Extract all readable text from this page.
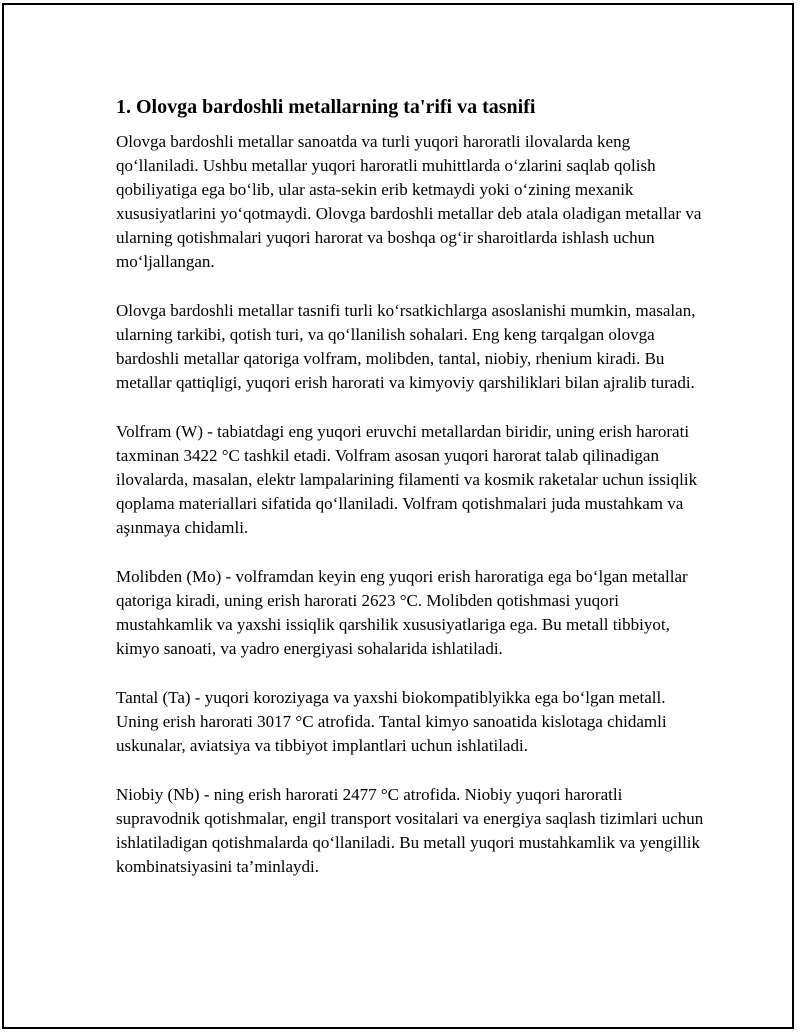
1. Olovga bardoshli metallarning ta'rifi va tasnifi

Olovga bardoshli metallar sanoatda va turli yuqori haroratli ilovalarda keng qo‘llaniladi. Ushbu metallar yuqori haroratli muhittlarda o‘zlarini saqlab qolish qobiliyatiga ega bo‘lib, ular asta-sekin erib ketmaydi yoki o‘zining mexanik xususiyatlarini yo‘qotmaydi. Olovga bardoshli metallar deb atala oladigan metallar va ularning qotishmalari yuqori harorat va boshqa og‘ir sharoitlarda ishlash uchun mo‘ljallangan.

Olovga bardoshli metallar tasnifi turli ko‘rsatkichlarga asoslanishi mumkin, masalan, ularning tarkibi, qotish turi, va qo‘llanilish sohalari. Eng keng tarqalgan olovga bardoshli metallar qatoriga volfram, molibden, tantal, niobiy, rhenium kiradi. Bu metallar qattiqligi, yuqori erish harorati va kimyoviy qarshiliklari bilan ajralib turadi.

Volfram (W) - tabiatdagi eng yuqori eruvchi metallardan biridir, uning erish harorati taxminan 3422 °C tashkil etadi. Volfram asosan yuqori harorat talab qilinadigan ilovalarda, masalan, elektr lampalarining filamenti va kosmik raketalar uchun issiqlik qoplama materiallari sifatida qo‘llaniladi. Volfram qotishmalari juda mustahkam va aşınmaya chidamli.

Molibden (Mo) - volframdan keyin eng yuqori erish haroratiga ega bo‘lgan metallar qatoriga kiradi, uning erish harorati 2623 °C. Molibden qotishmasi yuqori mustahkamlik va yaxshi issiqlik qarshilik xususiyatlariga ega. Bu metall tibbiyot, kimyo sanoati, va yadro energiyasi sohalarida ishlatiladi.

Tantal (Ta) - yuqori koroziyaga va yaxshi biokompatiblyikka ega bo‘lgan metall. Uning erish harorati 3017 °C atrofida. Tantal kimyo sanoatida kislotaga chidamli uskunalar, aviatsiya va tibbiyot implantlari uchun ishlatiladi.

Niobiy (Nb) - ning erish harorati 2477 °C atrofida. Niobiy yuqori haroratli supravodnik qotishmalar, engil transport vositalari va energiya saqlash tizimlari uchun ishlatiladigan qotishmalarda qo‘llaniladi. Bu metall yuqori mustahkamlik va yengillik kombinatsiyasini ta’minlaydi.
